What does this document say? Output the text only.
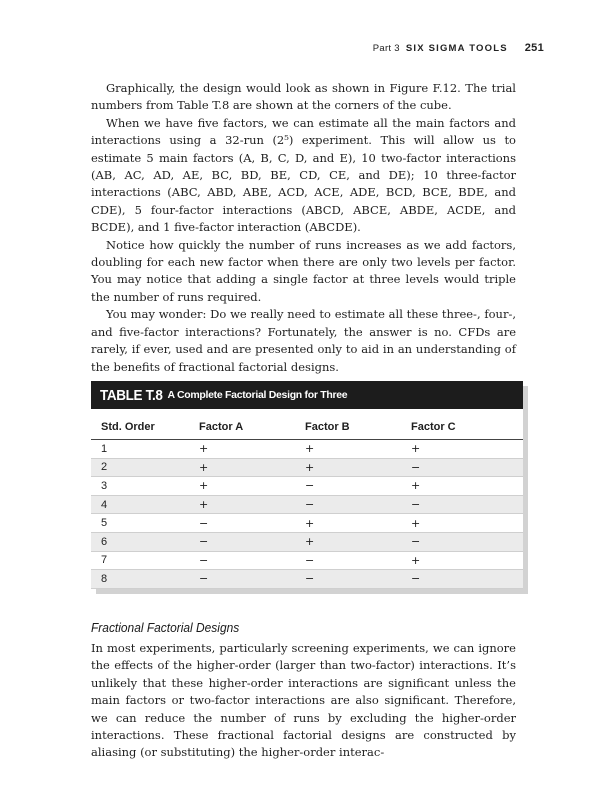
Part 3 SIX SIGMA TOOLS 251

Graphically, the design would look as shown in Figure F.12. The trial numbers from Table T.8 are shown at the corners of the cube.

When we have five factors, we can estimate all the main factors and interactions using a 32-run (2⁵) experiment. This will allow us to estimate 5 main factors (A, B, C, D, and E), 10 two-factor interactions (AB, AC, AD, AE, BC, BD, BE, CD, CE, and DE); 10 three-factor interactions (ABC, ABD, ABE, ACD, ACE, ADE, BCD, BCE, BDE, and CDE), 5 four-factor interactions (ABCD, ABCE, ABDE, ACDE, and BCDE), and 1 five-factor interaction (ABCDE).

Notice how quickly the number of runs increases as we add factors, doubling for each new factor when there are only two levels per factor. You may notice that adding a single factor at three levels would triple the number of runs required.

You may wonder: Do we really need to estimate all these three-, four-, and five-factor interactions? Fortunately, the answer is no. CFDs are rarely, if ever, used and are presented only to aid in an understanding of the benefits of fractional factorial designs.

TABLE T.8 A Complete Factorial Design for Three
Std. Order	Factor A	Factor B	Factor C
1	+	+	+
2	+	+	−
3	+	−	+
4	+	−	−
5	−	+	+
6	−	+	−
7	−	−	+
8	−	−	−
Fractional Factorial Designs

In most experiments, particularly screening experiments, we can ignore the effects of the higher-order (larger than two-factor) interactions. It’s unlikely that these higher-order interactions are significant unless the main factors or two-factor interactions are also significant. Therefore, we can reduce the number of runs by excluding the higher-order interactions. These fractional factorial designs are constructed by aliasing (or substituting) the higher-order interac-
